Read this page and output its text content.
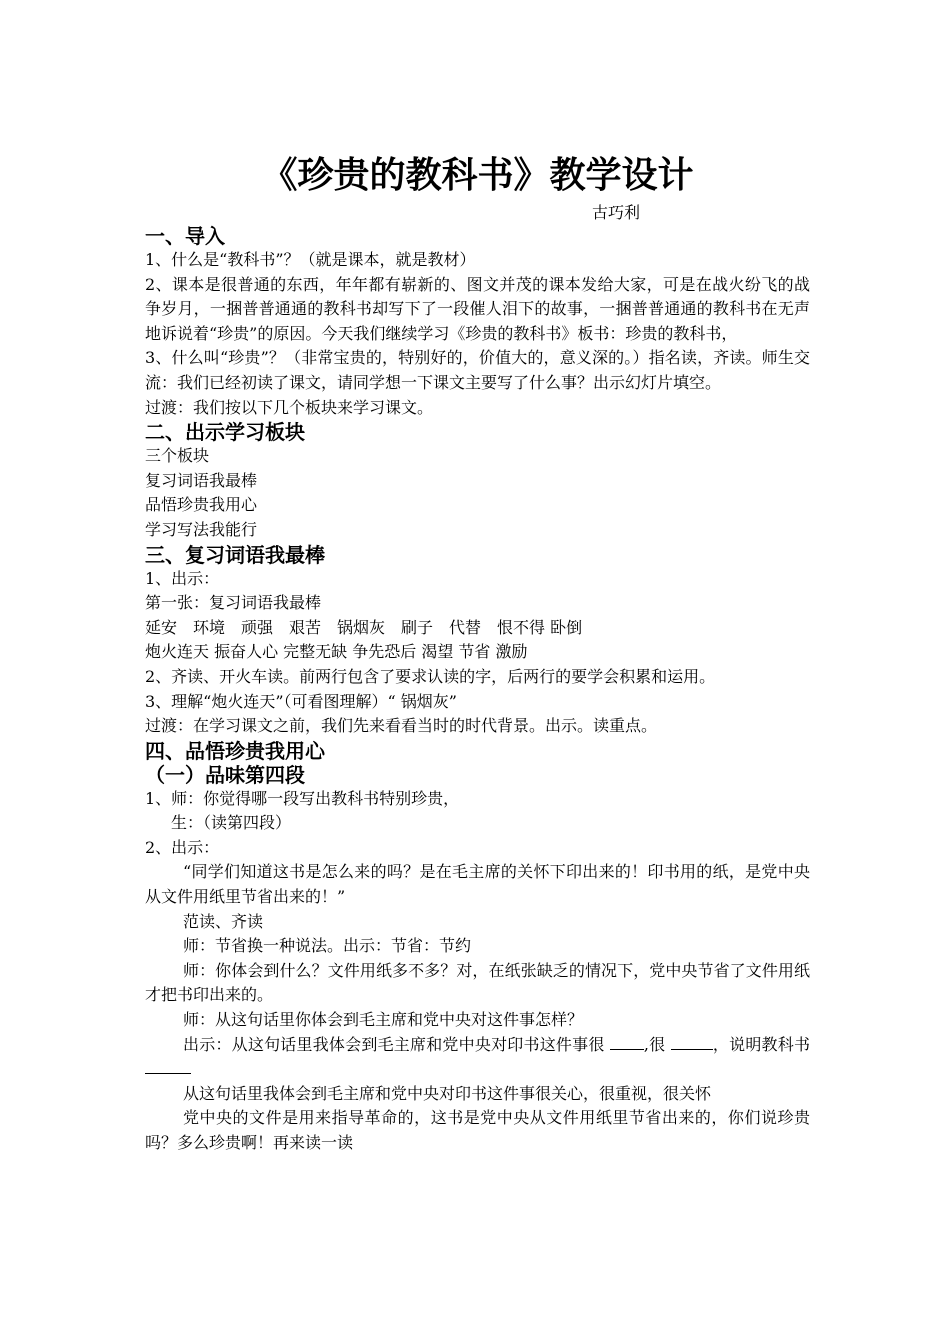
《珍贵的教科书》教学设计

古巧利

一、导入

1、什么是“教科书”？（就是课本，就是教材）

2、课本是很普通的东西，年年都有崭新的、图文并茂的课本发给大家，可是在战火纷飞的战争岁月，一捆普普通通的教科书却写下了一段催人泪下的故事，一捆普普通通的教科书在无声地诉说着“珍贵”的原因。今天我们继续学习《珍贵的教科书》板书：珍贵的教科书，

3、什么叫“珍贵”？（非常宝贵的，特别好的，价值大的，意义深的。）指名读，齐读。师生交流：我们已经初读了课文，请同学想一下课文主要写了什么事？出示幻灯片填空。

过渡：我们按以下几个板块来学习课文。

二、出示学习板块

三个板块

复习词语我最棒

品悟珍贵我用心

学习写法我能行

三、复习词语我最棒

1、出示：

第一张：复习词语我最棒

延安　环境　顽强　艰苦　锅烟灰　刷子　代替　恨不得 卧倒

炮火连天 振奋人心 完整无缺 争先恐后 渴望 节省 激励

2、齐读、开火车读。前两行包含了要求认读的字，后两行的要学会积累和运用。

3、理解“炮火连天”（可看图理解）“ 锅烟灰”

过渡：在学习课文之前，我们先来看看当时的时代背景。出示。读重点。

四、品悟珍贵我用心

（一）品味第四段

1、师：你觉得哪一段写出教科书特别珍贵，

生：（读第四段）

2、出示：

“同学们知道这书是怎么来的吗？是在毛主席的关怀下印出来的！印书用的纸，是党中央从文件用纸里节省出来的！”

范读、齐读

师：节省换一种说法。出示：节省：节约

师：你体会到什么？文件用纸多不多？对，在纸张缺乏的情况下，党中央节省了文件用纸才把书印出来的。

师：从这句话里你体会到毛主席和党中央对这件事怎样？

出示：从这句话里我体会到毛主席和党中央对印书这件事很 ,很	，说明教科书

从这句话里我体会到毛主席和党中央对印书这件事很关心，很重视，很关怀

党中央的文件是用来指导革命的，这书是党中央从文件用纸里节省出来的，你们说珍贵吗？多么珍贵啊！再来读一读
